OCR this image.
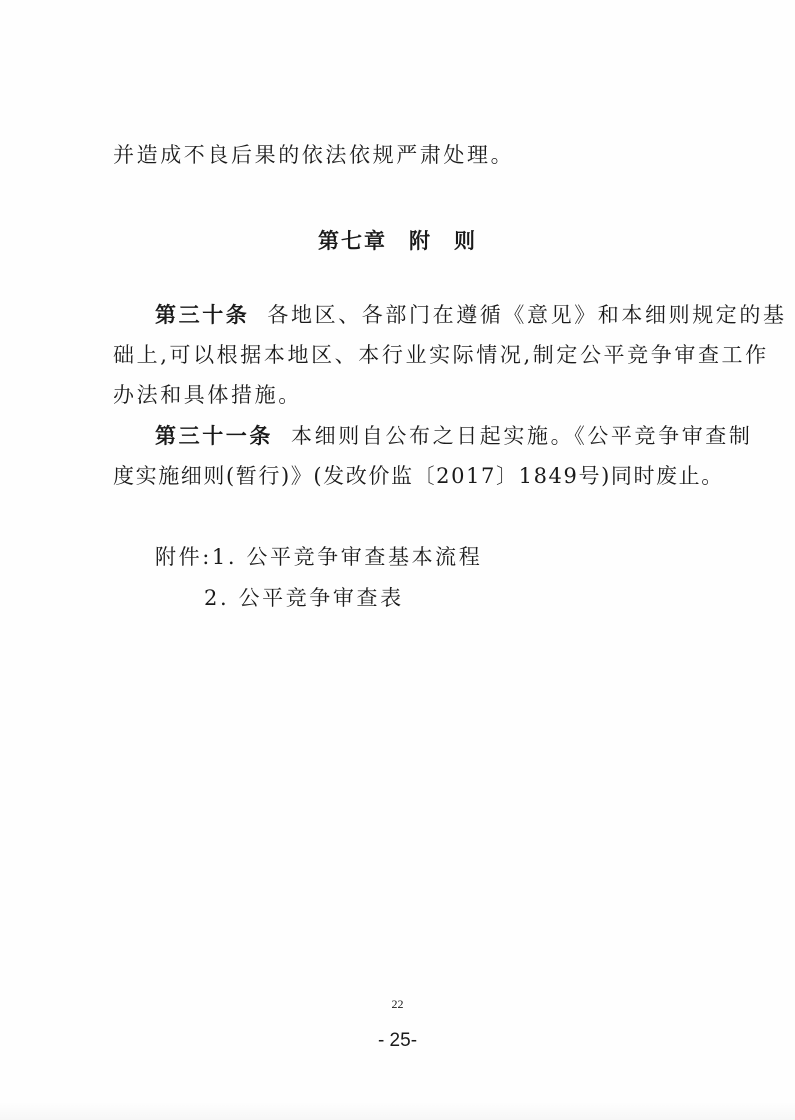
并造成不良后果的依法依规严肃处理。
第七章 附 则
第三十条 各地区、各部门在遵循《意见》和本细则规定的基
础上,可以根据本地区、本行业实际情况,制定公平竞争审查工作
办法和具体措施。
第三十一条 本细则自公布之日起实施。《公平竞争审查制
度实施细则(暂行)》(发改价监〔2017〕1849号)同时废止。
附件:1. 公平竞争审查基本流程
2. 公平竞争审查表
22
- 25-
